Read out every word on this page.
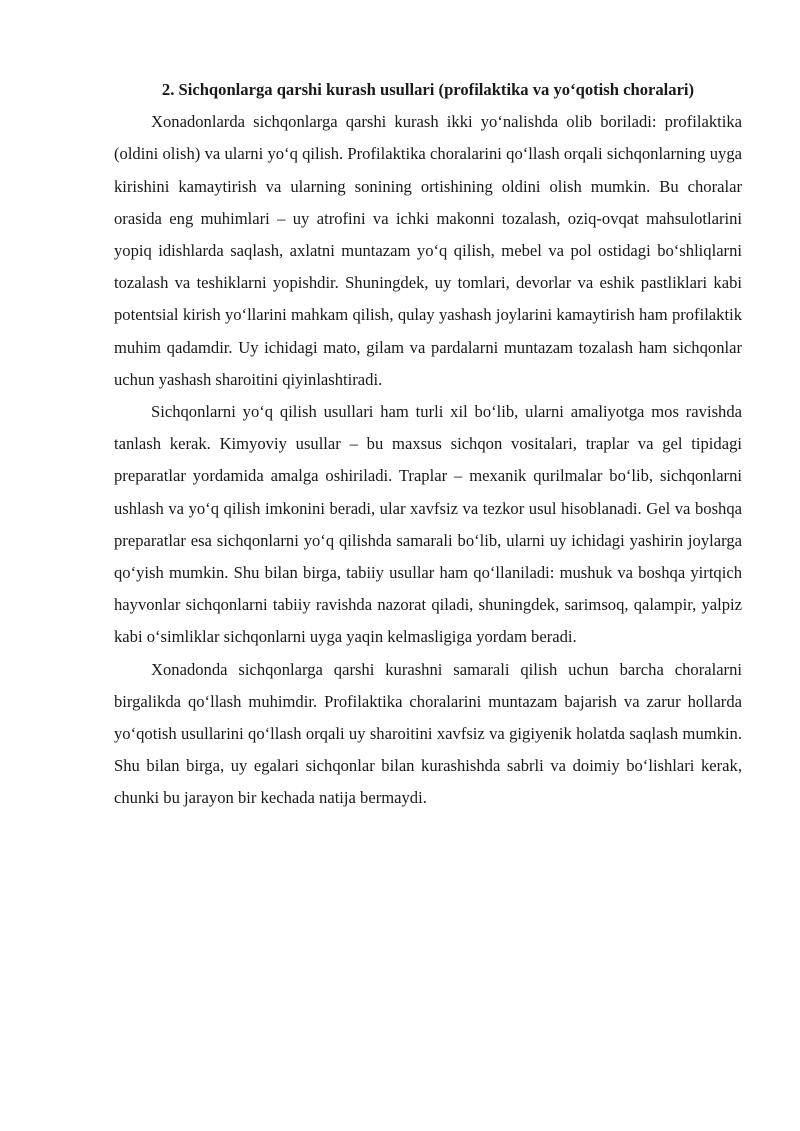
2. Sichqonlarga qarshi kurash usullari (profilaktika va yo‘qotish choralari)

Xonadonlarda sichqonlarga qarshi kurash ikki yo‘nalishda olib boriladi: profilaktika (oldini olish) va ularni yo‘q qilish. Profilaktika choralarini qo‘llash orqali sichqonlarning uyga kirishini kamaytirish va ularning sonining ortishining oldini olish mumkin. Bu choralar orasida eng muhimlari – uy atrofini va ichki makonni tozalash, oziq-ovqat mahsulotlarini yopiq idishlarda saqlash, axlatni muntazam yo‘q qilish, mebel va pol ostidagi bo‘shliqlarni tozalash va teshiklarni yopishdir. Shuningdek, uy tomlari, devorlar va eshik pastliklari kabi potentsial kirish yo‘llarini mahkam qilish, qulay yashash joylarini kamaytirish ham profilaktik muhim qadamdir. Uy ichidagi mato, gilam va pardalarni muntazam tozalash ham sichqonlar uchun yashash sharoitini qiyinlashtiradi.

Sichqonlarni yo‘q qilish usullari ham turli xil bo‘lib, ularni amaliyotga mos ravishda tanlash kerak. Kimyoviy usullar – bu maxsus sichqon vositalari, traplar va gel tipidagi preparatlar yordamida amalga oshiriladi. Traplar – mexanik qurilmalar bo‘lib, sichqonlarni ushlash va yo‘q qilish imkonini beradi, ular xavfsiz va tezkor usul hisoblanadi. Gel va boshqa preparatlar esa sichqonlarni yo‘q qilishda samarali bo‘lib, ularni uy ichidagi yashirin joylarga qo‘yish mumkin. Shu bilan birga, tabiiy usullar ham qo‘llaniladi: mushuk va boshqa yirtqich hayvonlar sichqonlarni tabiiy ravishda nazorat qiladi, shuningdek, sarimsoq, qalampir, yalpiz kabi o‘simliklar sichqonlarni uyga yaqin kelmasligiga yordam beradi.

Xonadonda sichqonlarga qarshi kurashni samarali qilish uchun barcha choralarni birgalikda qo‘llash muhimdir. Profilaktika choralarini muntazam bajarish va zarur hollarda yo‘qotish usullarini qo‘llash orqali uy sharoitini xavfsiz va gigiyenik holatda saqlash mumkin. Shu bilan birga, uy egalari sichqonlar bilan kurashishda sabrli va doimiy bo‘lishlari kerak, chunki bu jarayon bir kechada natija bermaydi.
